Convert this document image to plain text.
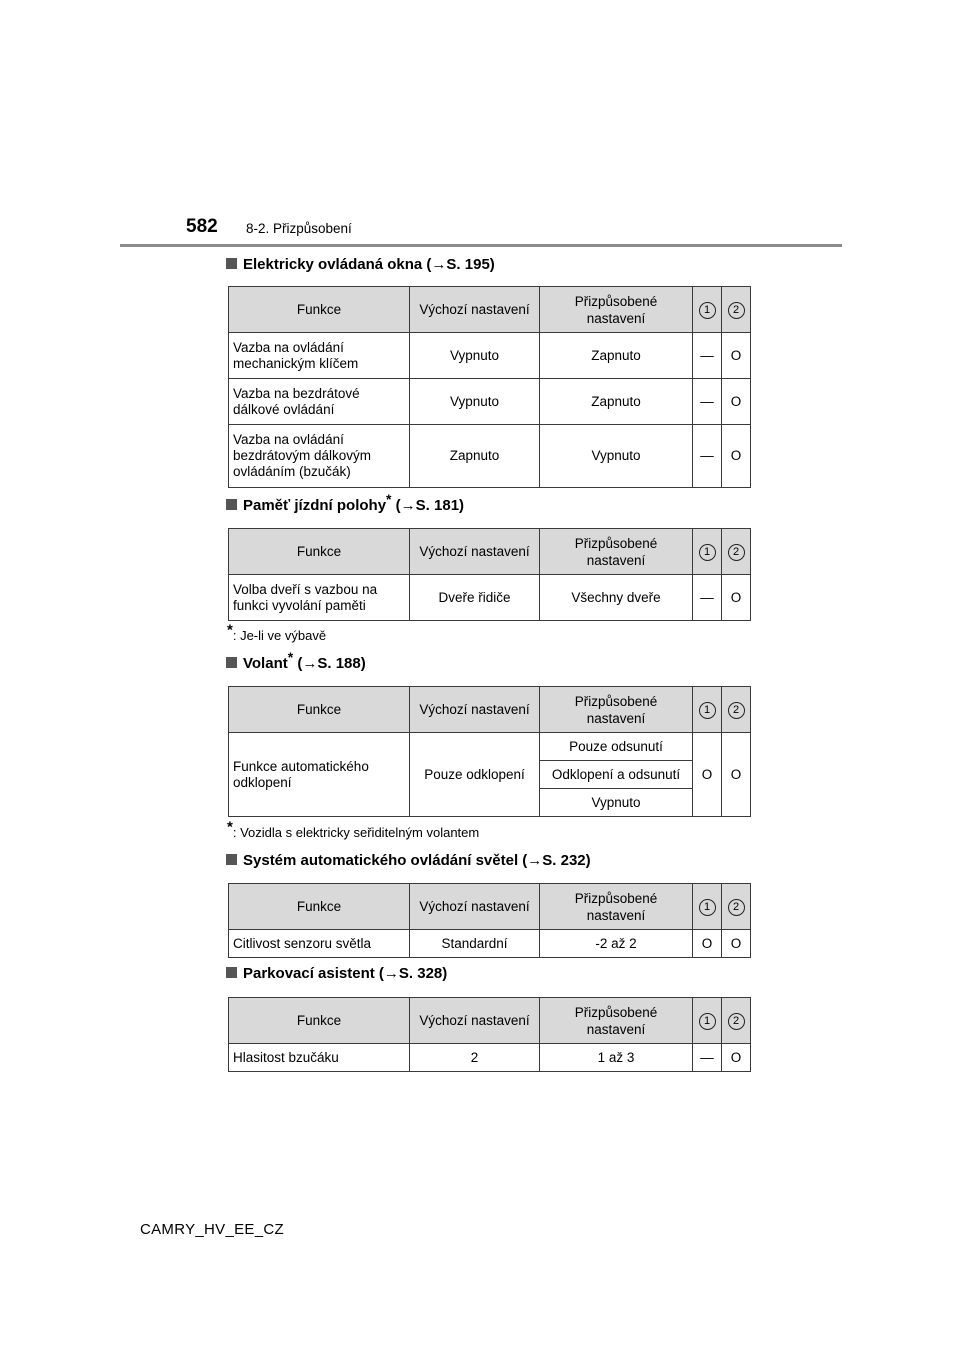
582 8-2. Přizpůsobení
Elektricky ovládaná okna (→S. 195)
Funkce	Výchozí nastavení	Přizpůsobené nastavení	1	2
Vazba na ovládání mechanickým klíčem	Vypnuto	Zapnuto	—	O
Vazba na bezdrátové dálkové ovládání	Vypnuto	Zapnuto	—	O
Vazba na ovládání bezdrátovým dálkovým ovládáním (bzučák)	Zapnuto	Vypnuto	—	O
Paměť jízdní polohy* (→S. 181)
Funkce	Výchozí nastavení	Přizpůsobené nastavení	1	2
Volba dveří s vazbou na funkci vyvolání paměti	Dveře řidiče	Všechny dveře	—	O
*: Je-li ve výbavě
Volant* (→S. 188)
Funkce	Výchozí nastavení	Přizpůsobené nastavení	1	2
Funkce automatického odklopení	Pouze odklopení	Pouze odsunutí	O	O
		Odklopení a odsunutí		
		Vypnuto		
*: Vozidla s elektricky seřiditelným volantem
Systém automatického ovládání světel (→S. 232)
Funkce	Výchozí nastavení	Přizpůsobené nastavení	1	2
Citlivost senzoru světla	Standardní	-2 až 2	O	O
Parkovací asistent (→S. 328)
Funkce	Výchozí nastavení	Přizpůsobené nastavení	1	2
Hlasitost bzučáku	2	1 až 3	—	O
CAMRY_HV_EE_CZ
